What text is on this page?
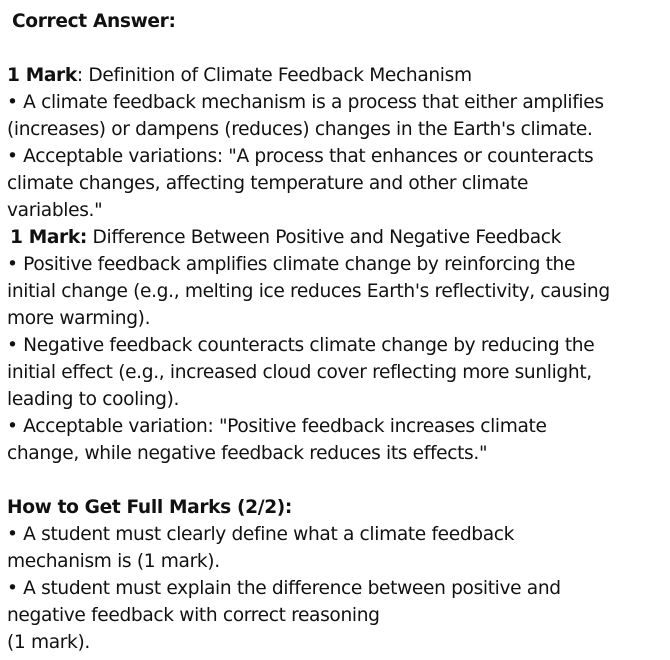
Correct Answer:
1 Mark: Definition of Climate Feedback Mechanism
• A climate feedback mechanism is a process that either amplifies
(increases) or dampens (reduces) changes in the Earth's climate.
• Acceptable variations: "A process that enhances or counteracts
climate changes, affecting temperature and other climate
variables."
1 Mark: Difference Between Positive and Negative Feedback
• Positive feedback amplifies climate change by reinforcing the
initial change (e.g., melting ice reduces Earth's reflectivity, causing
more warming).
• Negative feedback counteracts climate change by reducing the
initial effect (e.g., increased cloud cover reflecting more sunlight,
leading to cooling).
• Acceptable variation: "Positive feedback increases climate
change, while negative feedback reduces its effects."
How to Get Full Marks (2/2):
• A student must clearly define what a climate feedback
mechanism is (1 mark).
• A student must explain the difference between positive and
negative feedback with correct reasoning
(1 mark).
